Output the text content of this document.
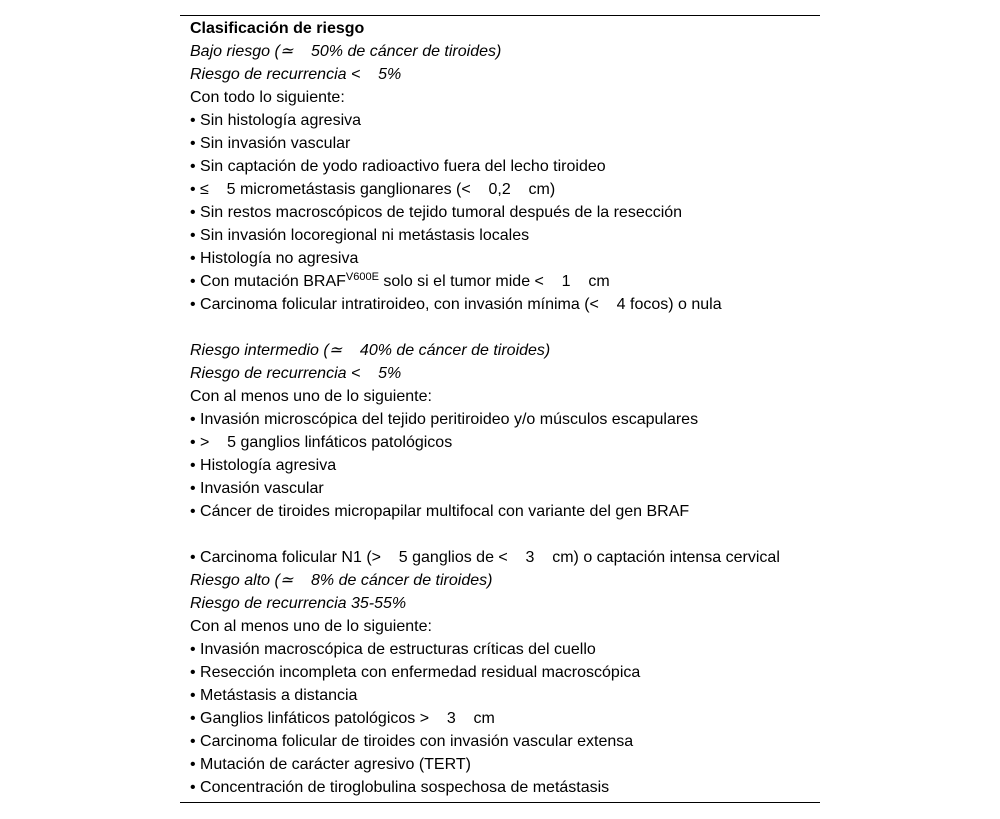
Clasificación de riesgo
Bajo riesgo (≃    50% de cáncer de tiroides)
Riesgo de recurrencia <    5%
Con todo lo siguiente:
• Sin histología agresiva
• Sin invasión vascular
• Sin captación de yodo radioactivo fuera del lecho tiroideo
• ≤    5 micrometástasis ganglionares (<    0,2    cm)
• Sin restos macroscópicos de tejido tumoral después de la resección
• Sin invasión locoregional ni metástasis locales
• Histología no agresiva
• Con mutación $BRAF^{V600E}$ solo si el tumor mide <    1    cm
• Carcinoma folicular intratiroideo, con invasión mínima (<    4 focos) o nula
Riesgo intermedio (≃    40% de cáncer de tiroides)
Riesgo de recurrencia <    5%
Con al menos uno de lo siguiente:
• Invasión microscópica del tejido peritiroideo y/o músculos escapulares
• >    5 ganglios linfáticos patológicos
• Histología agresiva
• Invasión vascular
• Cáncer de tiroides micropapilar multifocal con variante del gen BRAF
• Carcinoma folicular N1 (>    5 ganglios de <    3    cm) o captación intensa cervical
Riesgo alto (≃    8% de cáncer de tiroides)
Riesgo de recurrencia 35-55%
Con al menos uno de lo siguiente:
• Invasión macroscópica de estructuras críticas del cuello
• Resección incompleta con enfermedad residual macroscópica
• Metástasis a distancia
• Ganglios linfáticos patológicos >    3    cm
• Carcinoma folicular de tiroides con invasión vascular extensa
• Mutación de carácter agresivo (TERT)
• Concentración de tiroglobulina sospechosa de metástasis
